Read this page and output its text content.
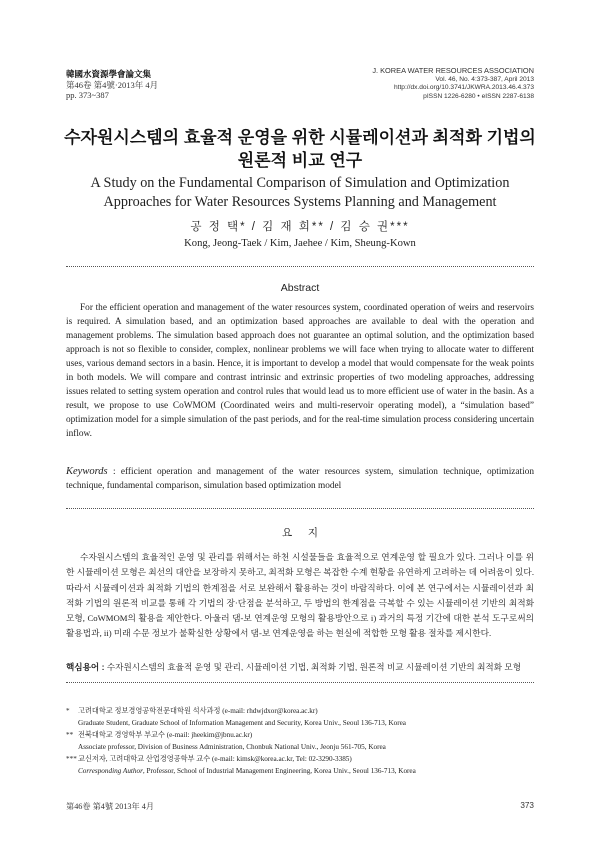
韓國水資源學會論文集
第46卷 第4號·2013年 4月
pp. 373~387
J. KOREA WATER RESOURCES ASSOCIATION
Vol. 46, No. 4:373-387, April 2013
http://dx.doi.org/10.3741/JKWRA.2013.46.4.373
pISSN 1226-6280 • eISSN 2287-6138
수자원시스템의 효율적 운영을 위한 시뮬레이션과 최적화 기법의
원론적 비교 연구
A Study on the Fundamental Comparison of Simulation and Optimization
Approaches for Water Resources Systems Planning and Management
공 정 택* / 김 재 희** / 김 승 권***
Kong, Jeong-Taek / Kim, Jaehee / Kim, Sheung-Kown
Abstract

For the efficient operation and management of the water resources system, coordinated operation of weirs and reservoirs is required. A simulation based, and an optimization based approaches are available to deal with the operation and management problems. The simulation based approach does not guarantee an optimal solution, and the optimization based approach is not so flexible to consider, complex, nonlinear problems we will face when trying to allocate water to different uses, various demand sectors in a basin. Hence, it is important to develop a model that would compensate for the weak points in both models. We will compare and contrast intrinsic and extrinsic properties of two modeling approaches, addressing issues related to setting system operation and control rules that would lead us to more efficient use of water in the basin. As a result, we propose to use CoWMOM (Coordinated weirs and multi-reservoir operating model), a “simulation based” optimization model for a simple simulation of the past periods, and for the real-time simulation process considering uncertain inflow.

Keywords : efficient operation and management of the water resources system, simulation technique, optimization technique, fundamental comparison, simulation based optimization model

요      지

수자원시스템의 효율적인 운영 및 관리를 위해서는 하천 시설물들을 효율적으로 연계운영 할 필요가 있다. 그러나 이를 위한 시뮬레이션 모형은 최선의 대안을 보장하지 못하고, 최적화 모형은 복잡한 수계 현황을 유연하게 고려하는 데 어려움이 있다. 따라서 시뮬레이션과 최적화 기법의 한계점을 서로 보완해서 활용하는 것이 바람직하다. 이에 본 연구에서는 시뮬레이션과 최적화 기법의 원론적 비교를 통해 각 기법의 장·단점을 분석하고, 두 방법의 한계점을 극복할 수 있는 시뮬레이션 기반의 최적화 모형, CoWMOM의 활용을 제안한다. 아울러 댐-보 연계운영 모형의 활용방안으로 i) 과거의 특정 기간에 대한 분석 도구로써의 활용법과, ii) 미래 수문 정보가 불확실한 상황에서 댐-보 연계운영을 하는 현실에 적합한 모형 활용 절차를 제시한다.

핵심용어 : 수자원시스템의 효율적 운영 및 관리, 시뮬레이션 기법, 최적화 기법, 원론적 비교 시뮬레이션 기반의 최적화 모형
*	고려대학교 정보경영공학전문대학원 석사과정 (e-mail: rhdwjdxor@korea.ac.kr)
Graduate Student, Graduate School of Information Management and Security, Korea Univ., Seoul 136-713, Korea
** 전북대학교 경영학부 부교수 (e-mail: jheekim@jbnu.ac.kr)
Associate professor, Division of Business Administration, Chonbuk National Univ., Jeonju 561-705, Korea
*** 교신저자, 고려대학교 산업경영공학부 교수 (e-mail: kimsk@korea.ac.kr, Tel: 02-3290-3385)
Corresponding Author, Professor, School of Industrial Management Engineering, Korea Univ., Seoul 136-713, Korea
第46卷 第4號 2013年 4月	373
